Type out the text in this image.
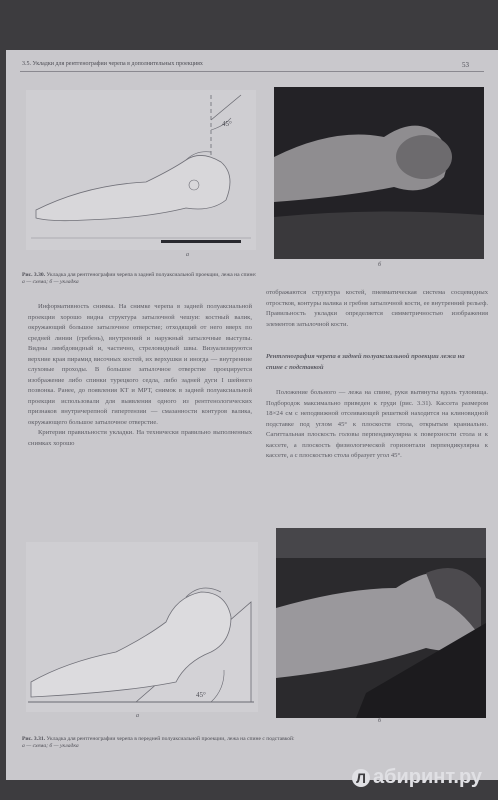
3.5. Укладки для рентгенографии черепа в дополнительных проекциях	53
45°
а
б
Рис. 3.30. Укладка для рентгенографии черепа в задней полуаксиальной проекции, лежа на спине:
а — схема; б — укладка

Информативность снимка. На снимке черепа в задней полуаксиальной проекции хорошо видна структура затылочной чешуи: костный валик, окружающий большое затылочное отверстие; отходящий от него вверх по средней линии (гребень), внутренний и наружный затылочные выступы. Видны лямбдовидный и, частично, стреловидный швы. Визуализируются верхние края пирамид височных костей, их верхушки и иногда — внутренние слуховые проходы. В большое затылочное отверстие проецируется изображение либо спинки турецкого седла, либо задней дуги I шейного позвонка. Ранее, до появления КТ и МРТ, снимок в задней полуаксиальной проекции использовали для выявления одного из рентгенологических признаков внутричерепной гипертензии — смазанности контуров валика, окружающего большое затылочное отверстие.

Критерии правильности укладки. На технически правильно выполненных снимках хорошо

отображаются структура костей, пневматическая система сосцевидных отростков, контуры валика и гребня затылочной кости, ее внутренний рельеф. Правильность укладки определяется симметричностью изображения элементов затылочной кости.

Рентгенография черепа в задней полуаксиальной проекции лежа на спине с подставкой

Положение больного — лежа на спине, руки вытянуты вдоль туловища. Подбородок максимально приведен к груди (рис. 3.31). Кассета размером 18×24 см с неподвижной отсеивающей решеткой находится на клиновидной подставке под углом 45° к плоскости стола, открытым краниально. Сагиттальная плоскость головы перпендикулярна к поверхности стола и к кассете, а плоскость физиологической горизонтали перпендикулярна к кассете, а с плоскостью стола образует угол 45°.

45°
а
б
Рис. 3.31. Укладка для рентгенографии черепа в передней полуаксиальной проекции, лежа на спине с подставкой:
а — схема; б — укладка
Л абиринт.ру
